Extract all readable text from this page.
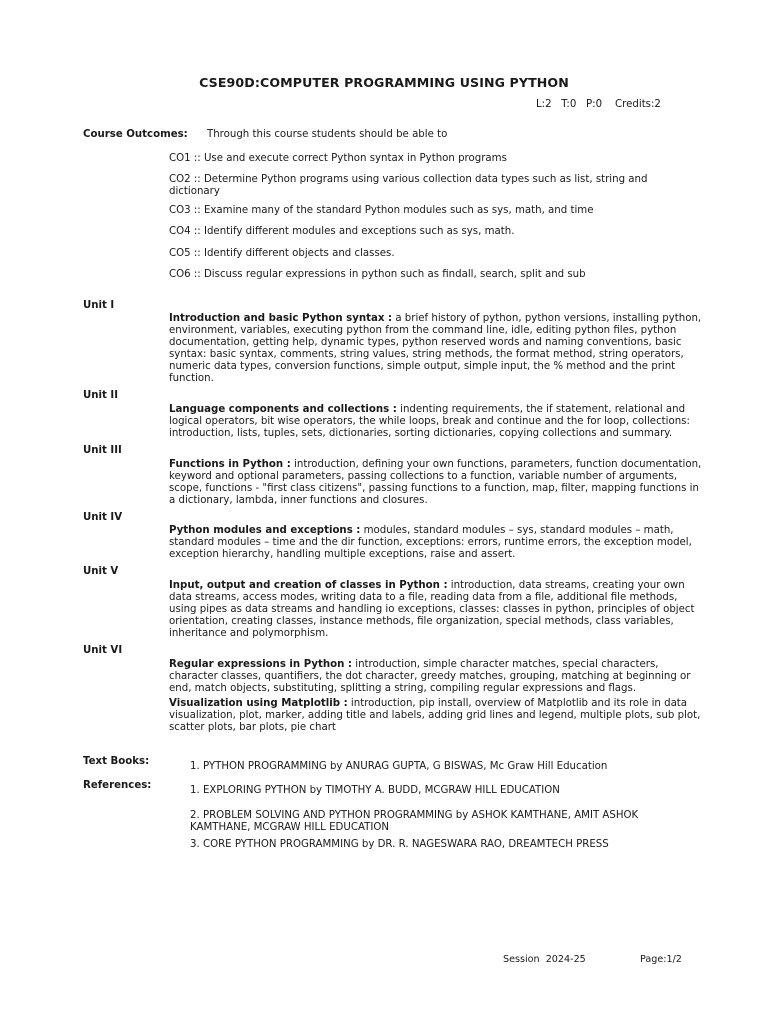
CSE90D:COMPUTER PROGRAMMING USING PYTHON
L:2   T:0   P:0    Credits:2
Course Outcomes: Through this course students should be able to
CO1 :: Use and execute correct Python syntax in Python programs
CO2 :: Determine Python programs using various collection data types such as list, string and dictionary
CO3 :: Examine many of the standard Python modules such as sys, math, and time
CO4 :: Identify different modules and exceptions such as sys, math.
CO5 :: Identify different objects and classes.
CO6 :: Discuss regular expressions in python such as findall, search, split and sub
Unit I
Introduction and basic Python syntax : a brief history of python, python versions, installing python, environment, variables, executing python from the command line, idle, editing python files, python documentation, getting help, dynamic types, python reserved words and naming conventions, basic syntax: basic syntax, comments, string values, string methods, the format method, string operators, numeric data types, conversion functions, simple output, simple input, the % method and the print function.
Unit II
Language components and collections : indenting requirements, the if statement, relational and logical operators, bit wise operators, the while loops, break and continue and the for loop, collections: introduction, lists, tuples, sets, dictionaries, sorting dictionaries, copying collections and summary.
Unit III
Functions in Python : introduction, defining your own functions, parameters, function documentation, keyword and optional parameters, passing collections to a function, variable number of arguments, scope, functions - "first class citizens", passing functions to a function, map, filter, mapping functions in a dictionary, lambda, inner functions and closures.
Unit IV
Python modules and exceptions : modules, standard modules – sys, standard modules – math, standard modules – time and the dir function, exceptions: errors, runtime errors, the exception model, exception hierarchy, handling multiple exceptions, raise and assert.
Unit V
Input, output and creation of classes in Python : introduction, data streams, creating your own data streams, access modes, writing data to a file, reading data from a file, additional file methods, using pipes as data streams and handling io exceptions, classes: classes in python, principles of object orientation, creating classes, instance methods, file organization, special methods, class variables, inheritance and polymorphism.
Unit VI
Regular expressions in Python : introduction, simple character matches, special characters, character classes, quantifiers, the dot character, greedy matches, grouping, matching at beginning or end, match objects, substituting, splitting a string, compiling regular expressions and flags.
Visualization using Matplotlib : introduction, pip install, overview of Matplotlib and its role in data visualization, plot, marker, adding title and labels, adding grid lines and legend, multiple plots, sub plot, scatter plots, bar plots, pie chart
Text Books:	1. PYTHON PROGRAMMING by ANURAG GUPTA, G BISWAS, Mc Graw Hill Education
References:	1. EXPLORING PYTHON by TIMOTHY A. BUDD, MCGRAW HILL EDUCATION
2. PROBLEM SOLVING AND PYTHON PROGRAMMING by ASHOK KAMTHANE, AMIT ASHOK KAMTHANE, MCGRAW HILL EDUCATION
3. CORE PYTHON PROGRAMMING by DR. R. NAGESWARA RAO, DREAMTECH PRESS
Session  2024-25	Page:1/2
